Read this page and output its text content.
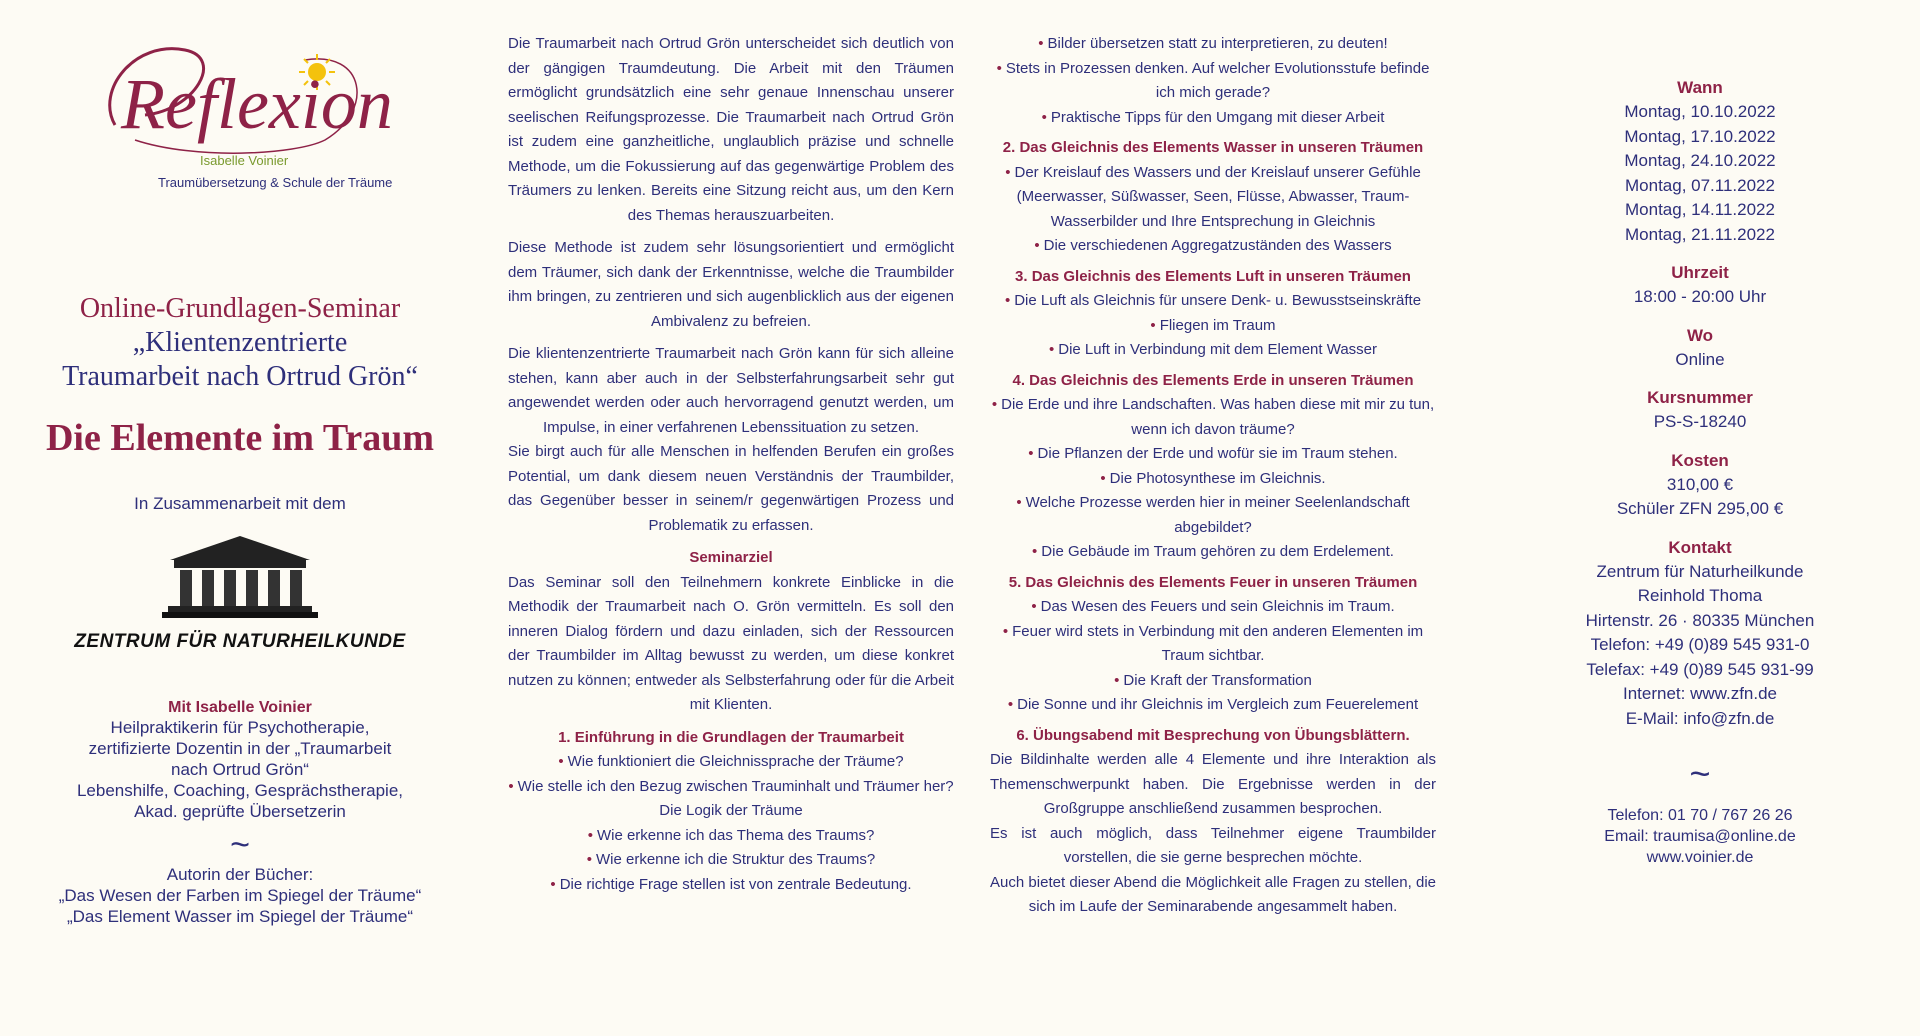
Reflexion
Isabelle Voinier
Traumübersetzung & Schule der Träume
Online-Grundlagen-Seminar
„Klientenzentrierte
Traumarbeit nach Ortrud Grön“
Die Elemente im Traum
In Zusammenarbeit mit dem
ZENTRUM FÜR NATURHEILKUNDE
Mit Isabelle Voinier
Heilpraktikerin für Psychotherapie,
zertifizierte Dozentin in der „Traumarbeit
nach Ortrud Grön“
Lebenshilfe, Coaching, Gesprächstherapie,
Akad. geprüfte Übersetzerin
~
Autorin der Bücher:
„Das Wesen der Farben im Spiegel der Träume“
„Das Element Wasser im Spiegel der Träume“

Die Traumarbeit nach Ortrud Grön unterscheidet sich deutlich von der gängigen Traumdeutung. Die Arbeit mit den Träumen ermöglicht grundsätzlich eine sehr genaue Innenschau unserer seelischen Reifungsprozesse. Die Traumarbeit nach Ortrud Grön ist zudem eine ganzheitliche, unglaublich präzise und schnelle Methode, um die Fokussierung auf das gegenwärtige Problem des Träumers zu lenken. Bereits eine Sitzung reicht aus, um den Kern des Themas herauszuarbeiten.

Diese Methode ist zudem sehr lösungsorientiert und ermöglicht dem Träumer, sich dank der Erkenntnisse, welche die Traumbilder ihm bringen, zu zentrieren und sich augenblicklich aus der eigenen Ambivalenz zu befreien.

Die klientenzentrierte Traumarbeit nach Grön kann für sich alleine stehen, kann aber auch in der Selbsterfahrungsarbeit sehr gut angewendet werden oder auch hervorragend genutzt werden, um Impulse, in einer verfahrenen Lebenssituation zu setzen.

Sie birgt auch für alle Menschen in helfenden Berufen ein großes Potential, um dank diesem neuen Verständnis der Traumbilder, das Gegenüber besser in seinem/r gegenwärtigen Prozess und Problematik zu erfassen.

Seminarziel

Das Seminar soll den Teilnehmern konkrete Einblicke in die Methodik der Traumarbeit nach O. Grön vermitteln. Es soll den inneren Dialog fördern und dazu einladen, sich der Ressourcen der Traumbilder im Alltag bewusst zu werden, um diese konkret nutzen zu können; entweder als Selbsterfahrung oder für die Arbeit mit Klienten.

1. Einführung in die Grundlagen der Traumarbeit
• Wie funktioniert die Gleichnissprache der Träume?
• Wie stelle ich den Bezug zwischen Trauminhalt und Träumer her? Die Logik der Träume
• Wie erkenne ich das Thema des Traums?
• Wie erkenne ich die Struktur des Traums?
• Die richtige Frage stellen ist von zentrale Bedeutung.
• Bilder übersetzen statt zu interpretieren, zu deuten!
• Stets in Prozessen denken. Auf welcher Evolutionsstufe befinde ich mich gerade?
• Praktische Tipps für den Umgang mit dieser Arbeit
2. Das Gleichnis des Elements Wasser in unseren Träumen
• Der Kreislauf des Wassers und der Kreislauf unserer Gefühle (Meerwasser, Süßwasser, Seen, Flüsse, Abwasser, Traum-Wasserbilder und Ihre Entsprechung in Gleichnis
• Die verschiedenen Aggregatzuständen des Wassers
3. Das Gleichnis des Elements Luft in unseren Träumen
• Die Luft als Gleichnis für unsere Denk- u. Bewusstseinskräfte
• Fliegen im Traum
• Die Luft in Verbindung mit dem Element Wasser
4. Das Gleichnis des Elements Erde in unseren Träumen
• Die Erde und ihre Landschaften. Was haben diese mit mir zu tun, wenn ich davon träume?
• Die Pflanzen der Erde und wofür sie im Traum stehen.
• Die Photosynthese im Gleichnis.
• Welche Prozesse werden hier in meiner Seelenlandschaft abgebildet?
• Die Gebäude im Traum gehören zu dem Erdelement.
5. Das Gleichnis des Elements Feuer in unseren Träumen
• Das Wesen des Feuers und sein Gleichnis im Traum.
• Feuer wird stets in Verbindung mit den anderen Elementen im Traum sichtbar.
• Die Kraft der Transformation
• Die Sonne und ihr Gleichnis im Vergleich zum Feuerelement
6. Übungsabend mit Besprechung von Übungsblättern.

Die Bildinhalte werden alle 4 Elemente und ihre Interaktion als Themenschwerpunkt haben. Die Ergebnisse werden in der Großgruppe anschließend zusammen besprochen.

Es ist auch möglich, dass Teilnehmer eigene Traumbilder vorstellen, die sie gerne besprechen möchte.

Auch bietet dieser Abend die Möglichkeit alle Fragen zu stellen, die sich im Laufe der Seminarabende angesammelt haben.

Wann
Montag, 10.10.2022
Montag, 17.10.2022
Montag, 24.10.2022
Montag, 07.11.2022
Montag, 14.11.2022
Montag, 21.11.2022
Uhrzeit
18:00 - 20:00 Uhr
Wo
Online
Kursnummer
PS-S-18240
Kosten
310,00 €
Schüler ZFN 295,00 €
Kontakt
Zentrum für Naturheilkunde
Reinhold Thoma
Hirtenstr. 26 · 80335 München
Telefon: +49 (0)89 545 931-0
Telefax: +49 (0)89 545 931-99
Internet: www.zfn.de
E-Mail: info@zfn.de
~
Telefon: 01 70 / 767 26 26
Email: traumisa@online.de
www.voinier.de
